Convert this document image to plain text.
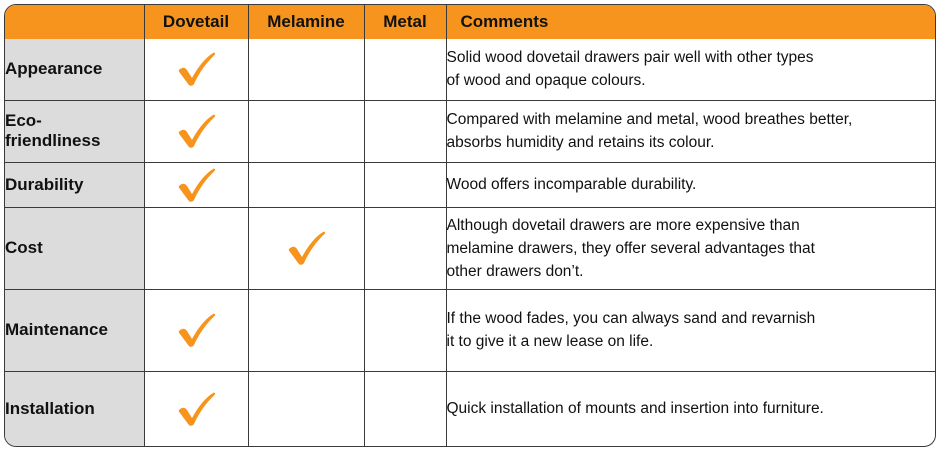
	Dovetail	Melamine	Metal	Comments

Appearance				Solid wood dovetail drawers pair well with other types
of wood and opaque colours.

Eco-
friendliness				Compared with melamine and metal, wood breathes better,
absorbs humidity and retains its colour.

Durability				Wood offers incomparable durability.

Cost				Although dovetail drawers are more expensive than
melamine drawers, they offer several advantages that
other drawers don’t.

Maintenance				If the wood fades, you can always sand and revarnish
it to give it a new lease on life.

Installation				Quick installation of mounts and insertion into furniture.
